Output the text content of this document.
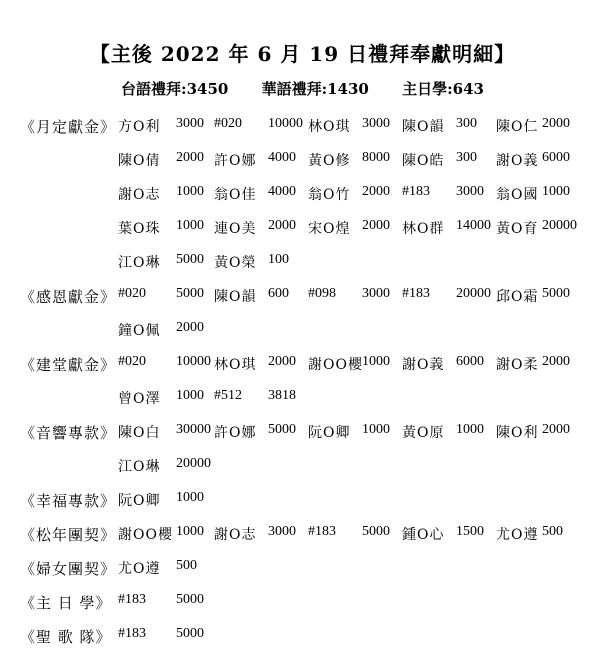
【主後 2022 年 6 月 19 日禮拜奉獻明細】
台語禮拜:3450 華語禮拜:1430 主日學:643
《月定獻金》 方O利 3000 #020 10000 林O琪 3000 陳O韻 300 陳O仁 2000
陳O倩 2000 許O娜 4000 黃O修 8000 陳O皓 300 謝O義 6000
謝O志 1000 翁O佳 4000 翁O竹 2000 #183 3000 翁O國 1000
葉O珠 1000 連O美 2000 宋O煌 2000 林O群 14000 黃O育 20000
江O琳 5000 黃O榮 100
《感恩獻金》 #020 5000 陳O韻 600 #098 3000 #183 20000 邱O霜 5000
鐘O佩 2000
《建堂獻金》 #020 10000 林O琪 2000 謝OO櫻 1000 謝O義 6000 謝O柔 2000
曾O澤 1000 #512 3818
《音響專款》 陳O白 30000 許O娜 5000 阮O卿 1000 黃O原 1000 陳O利 2000
江O琳 20000
《幸福專款》 阮O卿 1000
《松年團契》 謝OO櫻 1000 謝O志 3000 #183 5000 鍾O心 1500 尤O遵 500
《婦女團契》 尤O遵 500
《主 日 學》 #183 5000
《聖 歌 隊》 #183 5000
